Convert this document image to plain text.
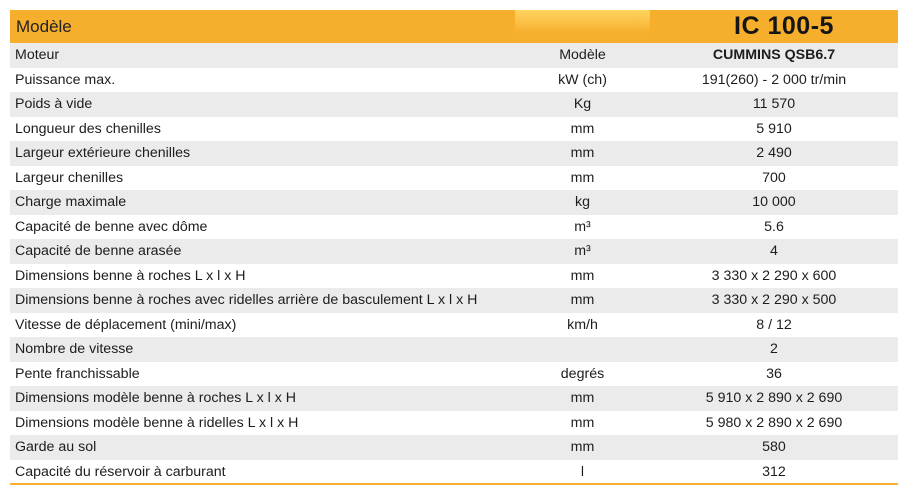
Modèle		IC 100-5
Moteur	Modèle	CUMMINS QSB6.7
Puissance max.	kW (ch)	191(260) - 2 000 tr/min
Poids à vide	Kg	11 570
Longueur des chenilles	mm	5 910
Largeur extérieure chenilles	mm	2 490
Largeur chenilles	mm	700
Charge maximale	kg	10 000
Capacité de benne avec dôme	m³	5.6
Capacité de benne arasée	m³	4
Dimensions benne à roches L x l x H	mm	3 330 x 2 290 x 600
Dimensions benne à roches avec ridelles arrière de basculement L x l x H	mm	3 330 x 2 290 x 500
Vitesse de déplacement (mini/max)	km/h	8 / 12
Nombre de vitesse		2
Pente franchissable	degrés	36
Dimensions modèle benne à roches L x l x H	mm	5 910 x 2 890 x 2 690
Dimensions modèle benne à ridelles L x l x H	mm	5 980 x 2 890 x 2 690
Garde au sol	mm	580
Capacité du réservoir à carburant	l	312
